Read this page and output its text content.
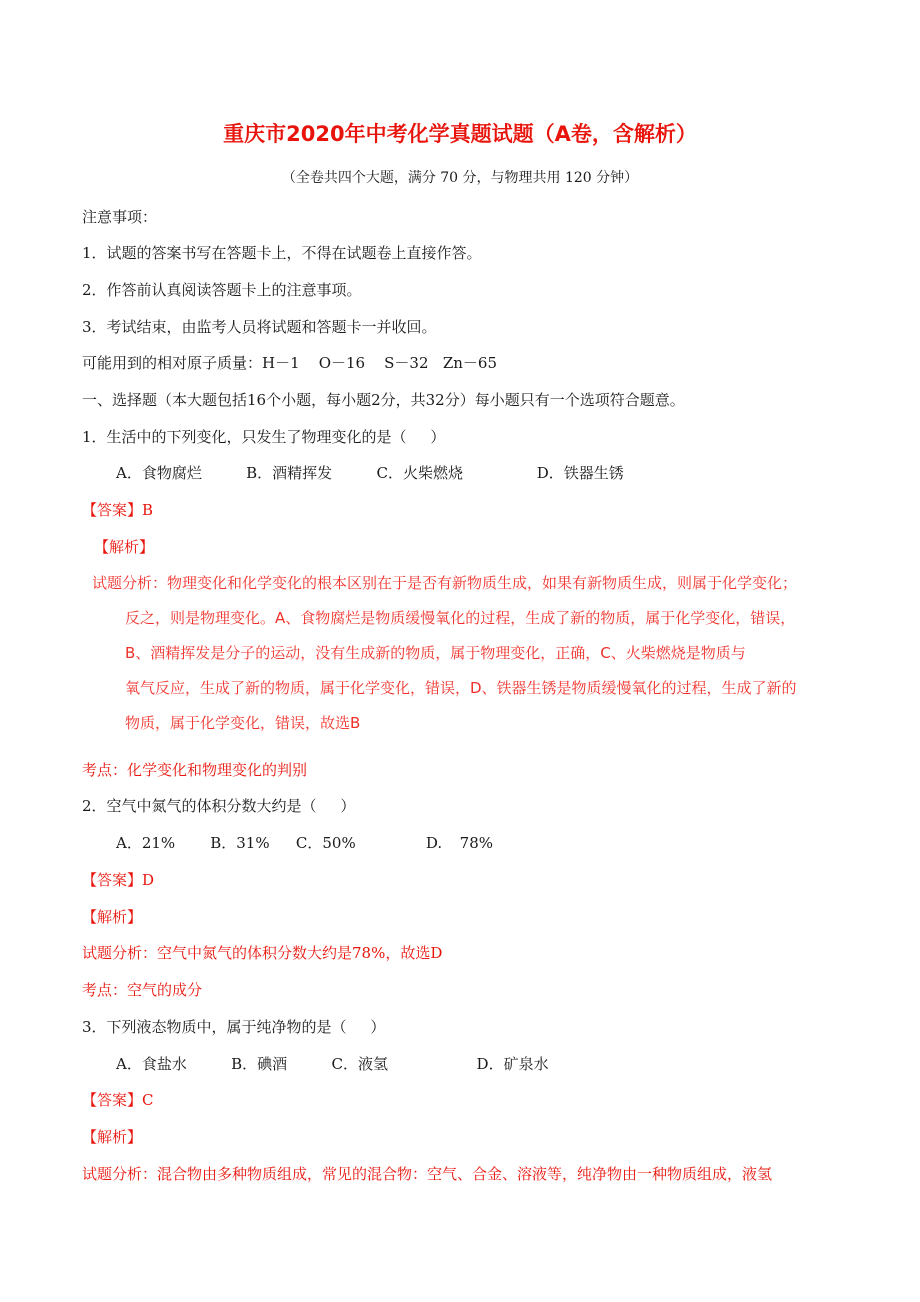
重庆市2020年中考化学真题试题（A卷，含解析）
（全卷共四个大题，满分 70 分，与物理共用 120 分钟）
注意事项：
1．试题的答案书写在答题卡上，不得在试题卷上直接作答。
2．作答前认真阅读答题卡上的注意事项。
3．考试结束，由监考人员将试题和答题卡一并收回。
可能用到的相对原子质量：H－1    O－16    S－32   Zn－65
一、选择题（本大题包括16个小题，每小题2分，共32分）每小题只有一个选项符合题意。
1．生活中的下列变化，只发生了物理变化的是（     ）
A．食物腐烂   B．酒精挥发   C．火柴燃烧     D．铁器生锈
【答案】B
【解析】
试题分析：物理变化和化学变化的根本区别在于是否有新物质生成，如果有新物质生成，则属于化学变化；
反之，则是物理变化。A、食物腐烂是物质缓慢氧化的过程，生成了新的物质，属于化学变化，错误，
B、酒精挥发是分子的运动，没有生成新的物质，属于物理变化，正确，C、火柴燃烧是物质与
氧气反应，生成了新的物质，属于化学变化，错误，D、铁器生锈是物质缓慢氧化的过程，生成了新的
物质，属于化学变化，错误，故选B
考点：化学变化和物理变化的判别
2．空气中氮气的体积分数大约是（     ）
A．21%    B．31%   C．50%        D.  78%
【答案】D
【解析】
试题分析：空气中氮气的体积分数大约是78%，故选D
考点：空气的成分
3．下列液态物质中，属于纯净物的是（     ）
A．食盐水   B．碘酒   C．液氢      D．矿泉水
【答案】C
【解析】
试题分析：混合物由多种物质组成，常见的混合物：空气、合金、溶液等，纯净物由一种物质组成，液氢
